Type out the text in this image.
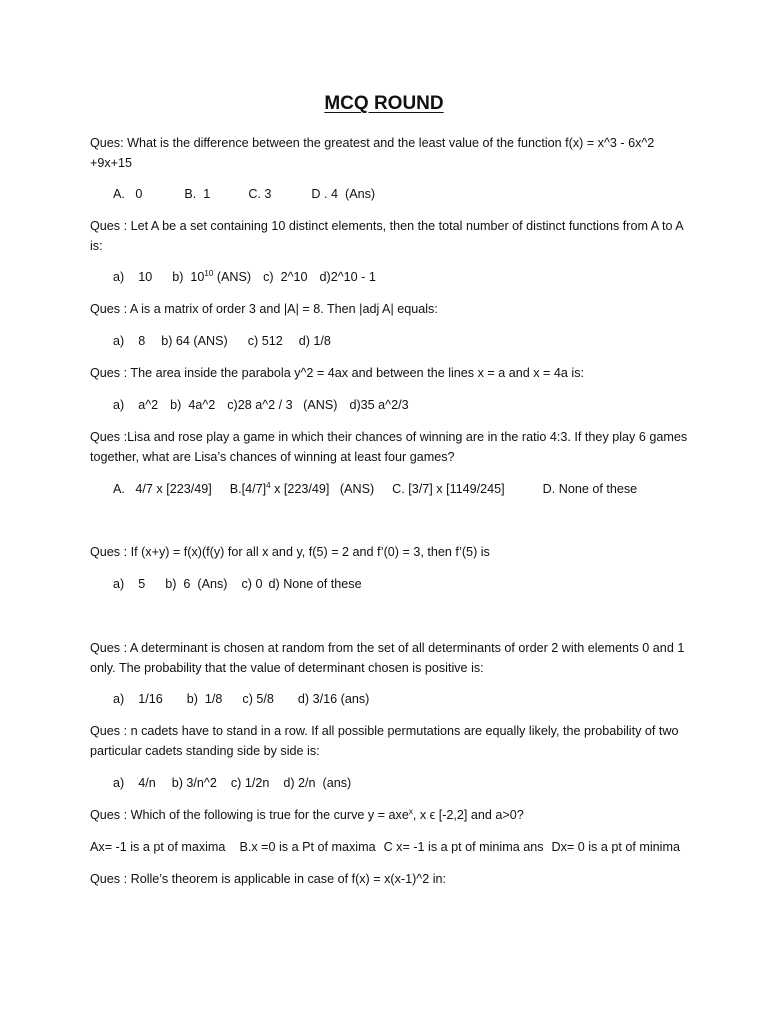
MCQ ROUND
Ques: What is the difference between the greatest and the least value of the function f(x) = x^3 - 6x^2 +9x+15
A.   0	B.  1	C. 3	D . 4  (Ans)
Ques : Let A be a set containing 10 distinct elements, then the total number of distinct functions from A to A is:
a)    10 b)  $10^{10}$ (ANS) c)  2^10 d)2^10 - 1
Ques : A is a matrix of order 3 and |A| = 8. Then |adj A| equals:
a)    8 b) 64 (ANS) c) 512 d) 1/8
Ques : The area inside the parabola y^2 = 4ax and between the lines x = a and x = 4a is:
a)    a^2 b)  4a^2 c)28 a^2 / 3   (ANS) d)35 a^2/3
Ques :Lisa and rose play a game in which their chances of winning are in the ratio 4:3. If they play 6 games together, what are Lisa’s chances of winning at least four games?
A.   4/7 x [223/49] $B.[4/7]^4$ x [223/49]   (ANS) C. [3/7] x [1149/245]	D. None of these
Ques : If (x+y) = f(x)(f(y) for all x and y, f(5) = 2 and f’(0) = 3, then f’(5) is
a)    5 b)  6  (Ans) c) 0 d) None of these
Ques : A determinant is chosen at random from the set of all determinants of order 2 with elements 0 and 1 only. The probability that the value of determinant chosen is positive is:
a)    1/16 b)  1/8 c) 5/8 d) 3/16 (ans)
Ques : n cadets have to stand in a row. If all possible permutations are equally likely, the probability of two particular cadets standing side by side is:
a)    4/n b) 3/n^2 c) 1/2n d) 2/n  (ans)
Ques : Which of the following is true for the curve y = axe$^x$, x ϵ [-2,2] and a>0?
Ax= -1 is a pt of maxima B.x =0 is a Pt of maxima C x= -1 is a pt of minima ans Dx= 0 is a pt of minima
Ques : Rolle’s theorem is applicable in case of f(x) = x(x-1)^2 in:
